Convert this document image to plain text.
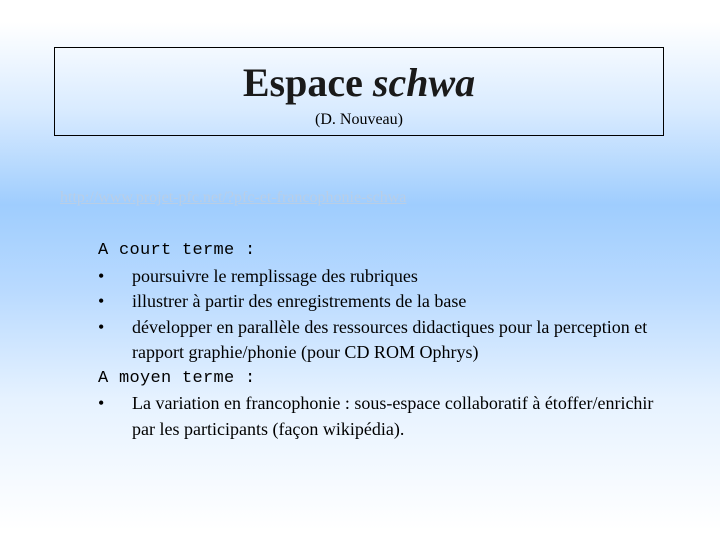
Espace schwa
(D. Nouveau)
http://www.projet-pfc.net/?pfc-et-francophonie-schwa
A court terme :
• poursuivre le remplissage des rubriques
• illustrer à partir des enregistrements de la base
• développer en parallèle des ressources didactiques pour la perception et rapport graphie/phonie (pour CD ROM Ophrys)
A moyen terme :
• La variation en francophonie : sous-espace collaboratif à étoffer/enrichir par les participants (façon wikipédia).
